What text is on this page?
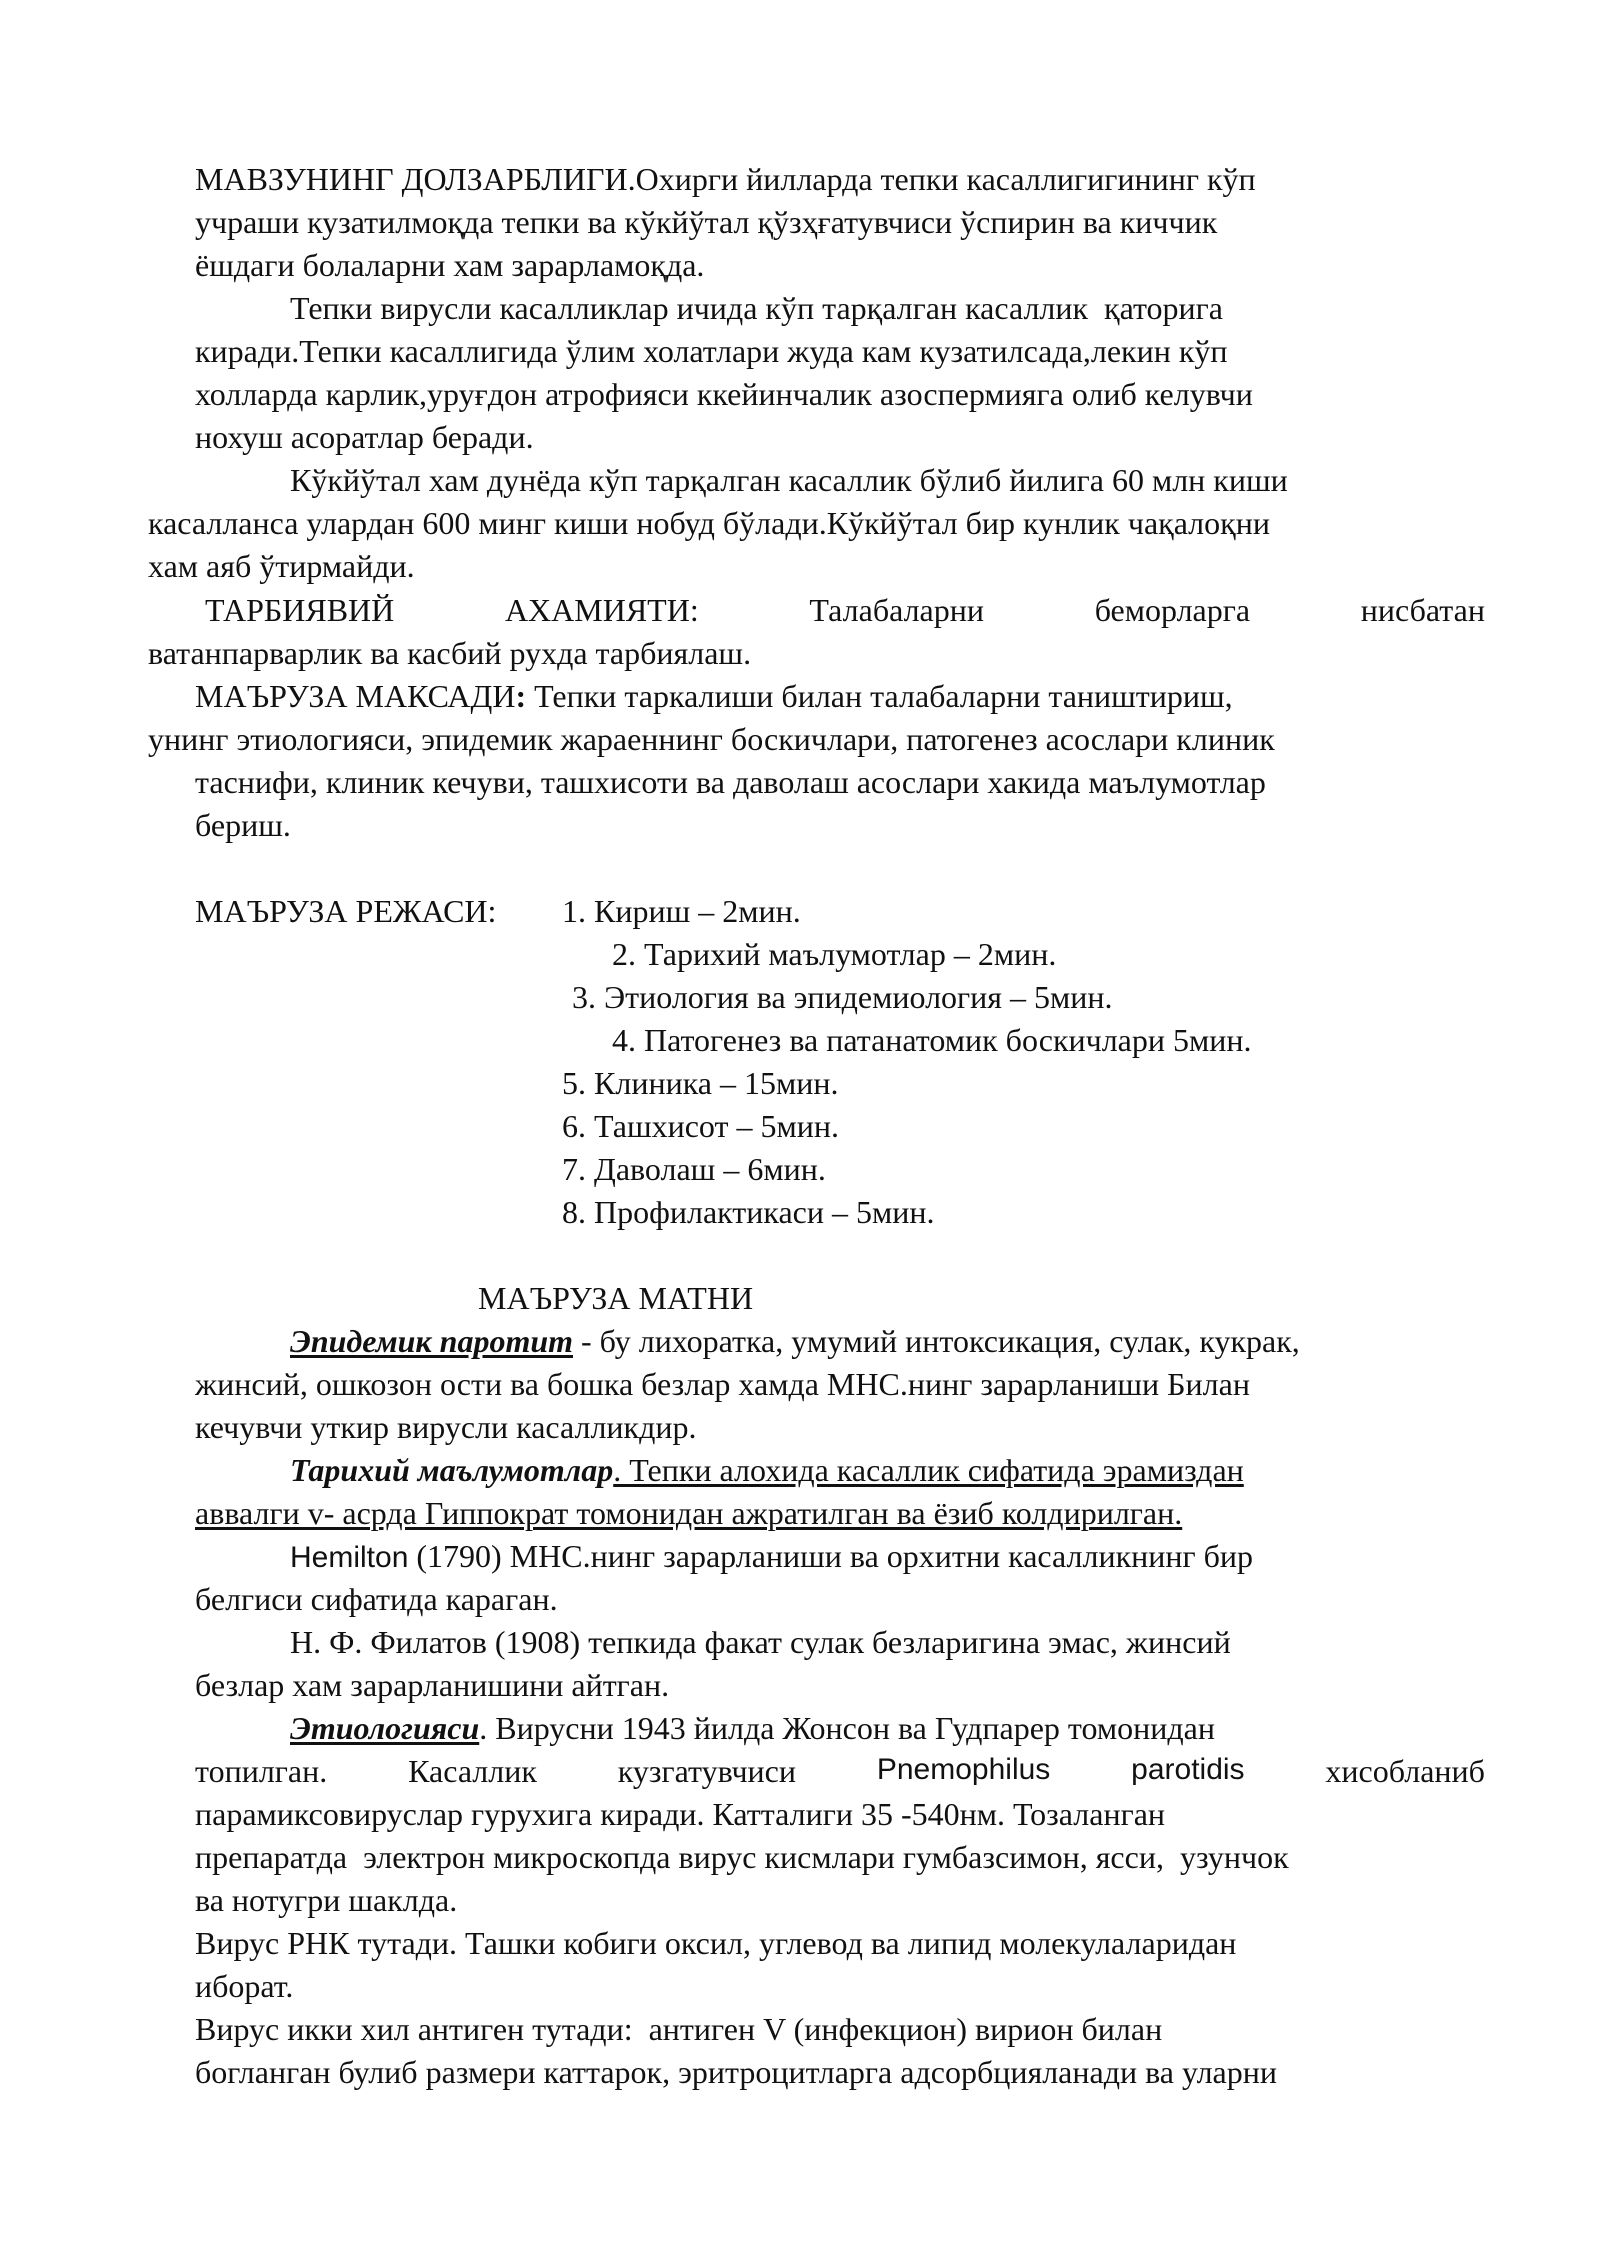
МАВЗУНИНГ ДОЛЗАРБЛИГИ.Охирги йилларда тепки касаллигигининг кўп
учраши кузатилмоқда тепки ва кўкйўтал қўзҳғатувчиси ўспирин ва киччик
ёшдаги болаларни хам зарарламоқда.
Тепки вирусли касалликлар ичида кўп тарқалган касаллик  қаторига
киради.Тепки касаллигида ўлим холатлари жуда кам кузатилсада,лекин кўп
холларда карлик,уруғдон атрофияси ккейинчалик азоспермияга олиб келувчи
нохуш асоратлар беради.
Кўкйўтал хам дунёда кўп тарқалган касаллик бўлиб йилига 60 млн киши
касалланса улардан 600 минг киши нобуд бўлади.Кўкйўтал бир кунлик чақалоқни
хам аяб ўтирмайди.
ТАРБИЯВИЙ	АХАМИЯТИ:	Талабаларни	беморларга	нисбатан
ватанпарварлик ва касбий рухда тарбиялаш.
МАЪРУЗА МАКСАДИ: Тепки таркалиши билан талабаларни таништириш,
унинг этиологияси, эпидемик жараеннинг боскичлари, патогенез асослари клиник
таснифи, клиник кечуви, ташхисоти ва даволаш асослари хакида маълумотлар
бериш.
МАЪРУЗА РЕЖАСИ: 1. Кириш – 2мин.
2. Тарихий маълумотлар – 2мин.
3. Этиология ва эпидемиология – 5мин.
4. Патогенез ва патанатомик боскичлари 5мин.
5. Клиника – 15мин.
6. Ташхисот – 5мин.
7. Даволаш – 6мин.
8. Профилактикаси – 5мин.
МАЪРУЗА МАТНИ
Эпидемик паротит - бу лихоратка, умумий интоксикация, сулак, кукрак,
жинсий, ошкозон ости ва бошка безлар хамда МНС.нинг зарарланиши Билан
кечувчи уткир вирусли касалликдир.
Тарихий маълумотлар. Тепки алохида касаллик сифатида эрамиздан
аввалги v- асрда Гиппократ томонидан ажратилган ва ёзиб колдирилган.
Hemilton (1790) МНС.нинг зарарланиши ва орхитни касалликнинг бир
белгиси сифатида караган.
Н. Ф. Филатов (1908) тепкида факат сулак безларигина эмас, жинсий
безлар хам зарарланишини айтган.
Этиологияси. Вирусни 1943 йилда Жонсон ва Гудпарер томонидан
топилган.	Касаллик	кузгатувчиси	Pnemophilus	parotidis	хисобланиб
парамиксовируслар гурухига киради. Катталиги 35 -540нм. Тозаланган
препаратда  электрон микроскопда вирус кисмлари гумбазсимон, ясси,  узунчок
ва нотугри шаклда.
Вирус РНК тутади. Ташки кобиги оксил, углевод ва липид молекулаларидан
иборат.
Вирус икки хил антиген тутади:  антиген V (инфекцион) вирион билан
богланган булиб размери каттарок, эритроцитларга адсорбцияланади ва уларни
